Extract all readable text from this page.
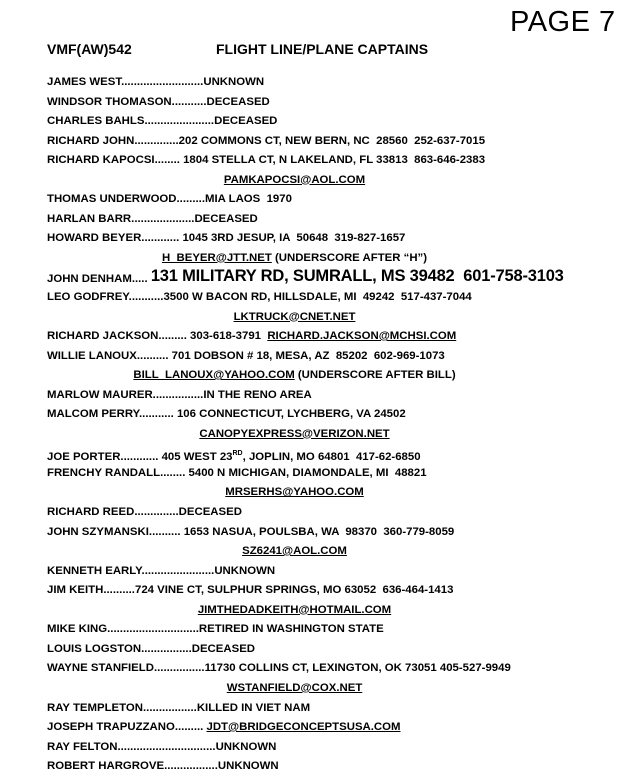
PAGE 7
VMF(AW)542	FLIGHT LINE/PLANE CAPTAINS
JAMES WEST..........................UNKNOWN
WINDSOR THOMASON...........DECEASED
CHARLES BAHLS......................DECEASED
RICHARD JOHN..............202 COMMONS CT, NEW BERN, NC  28560  252-637-7015
RICHARD KAPOCSI........ 1804 STELLA CT, N LAKELAND, FL 33813  863-646-2383
PAMKAPOCSI@AOL.COM
THOMAS UNDERWOOD.........MIA LAOS  1970
HARLAN BARR....................DECEASED
HOWARD BEYER............ 1045 3RD JESUP, IA  50648  319-827-1657
H_BEYER@JTT.NET (UNDERSCORE AFTER “H”)
JOHN DENHAM..... 131 MILITARY RD, SUMRALL, MS 39482  601-758-3103
LEO GODFREY...........3500 W BACON RD, HILLSDALE, MI  49242  517-437-7044
LKTRUCK@CNET.NET
RICHARD JACKSON......... 303-618-3791  RICHARD.JACKSON@MCHSI.COM
WILLIE LANOUX.......... 701 DOBSON # 18, MESA, AZ  85202  602-969-1073
BILL_LANOUX@YAHOO.COM (UNDERSCORE AFTER BILL)
MARLOW MAURER................IN THE RENO AREA
MALCOM PERRY........... 106 CONNECTICUT, LYCHBERG, VA 24502
CANOPYEXPRESS@VERIZON.NET
JOE PORTER............ 405 WEST 23RD, JOPLIN, MO 64801  417-62-6850
FRENCHY RANDALL........ 5400 N MICHIGAN, DIAMONDALE, MI  48821
MRSERHS@YAHOO.COM
RICHARD REED..............DECEASED
JOHN SZYMANSKI.......... 1653 NASUA, POULSBA, WA  98370  360-779-8059
SZ6241@AOL.COM
KENNETH EARLY.......................UNKNOWN
JIM KEITH..........724 VINE CT, SULPHUR SPRINGS, MO 63052  636-464-1413
JIMTHEDADKEITH@HOTMAIL.COM
MIKE KING.............................RETIRED IN WASHINGTON STATE
LOUIS LOGSTON................DECEASED
WAYNE STANFIELD................11730 COLLINS CT, LEXINGTON, OK 73051 405-527-9949
WSTANFIELD@COX.NET
RAY TEMPLETON.................KILLED IN VIET NAM
JOSEPH TRAPUZZANO......... JDT@BRIDGECONCEPTSUSA.COM
RAY FELTON...............................UNKNOWN
ROBERT HARGROVE.................UNKNOWN
